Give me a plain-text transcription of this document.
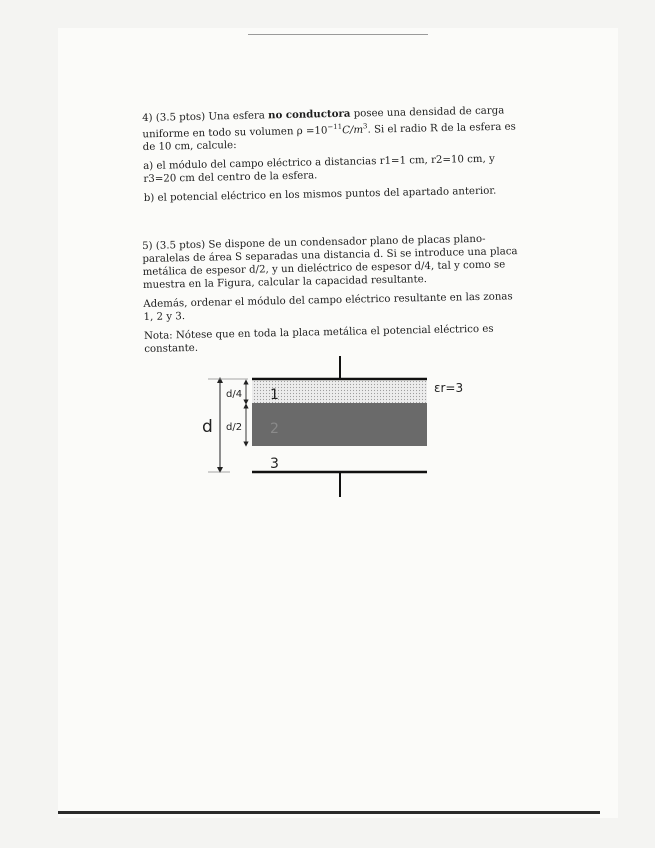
4) (3.5 ptos) Una esfera no conductora posee una densidad de carga uniforme en todo su volumen $\rho =10^{-11}C/m^3$. Si el radio R de la esfera es de 10 cm, calcule:

a) el módulo del campo eléctrico a distancias r1=1 cm, r2=10 cm, y r3=20 cm del centro de la esfera.

b) el potencial eléctrico en los mismos puntos del apartado anterior.

5) (3.5 ptos) Se dispone de un condensador plano de placas plano-paralelas de área S separadas una distancia d. Si se introduce una placa metálica de espesor d/2, y un dieléctrico de espesor d/4, tal y como se muestra en la Figura, calcular la capacidad resultante.

Además, ordenar el módulo del campo eléctrico resultante en las zonas 1, 2 y 3.

Nota: Nótese que en toda la placa metálica el potencial eléctrico es constante.

d
d/4
d/2
1
2
3
εr=3
